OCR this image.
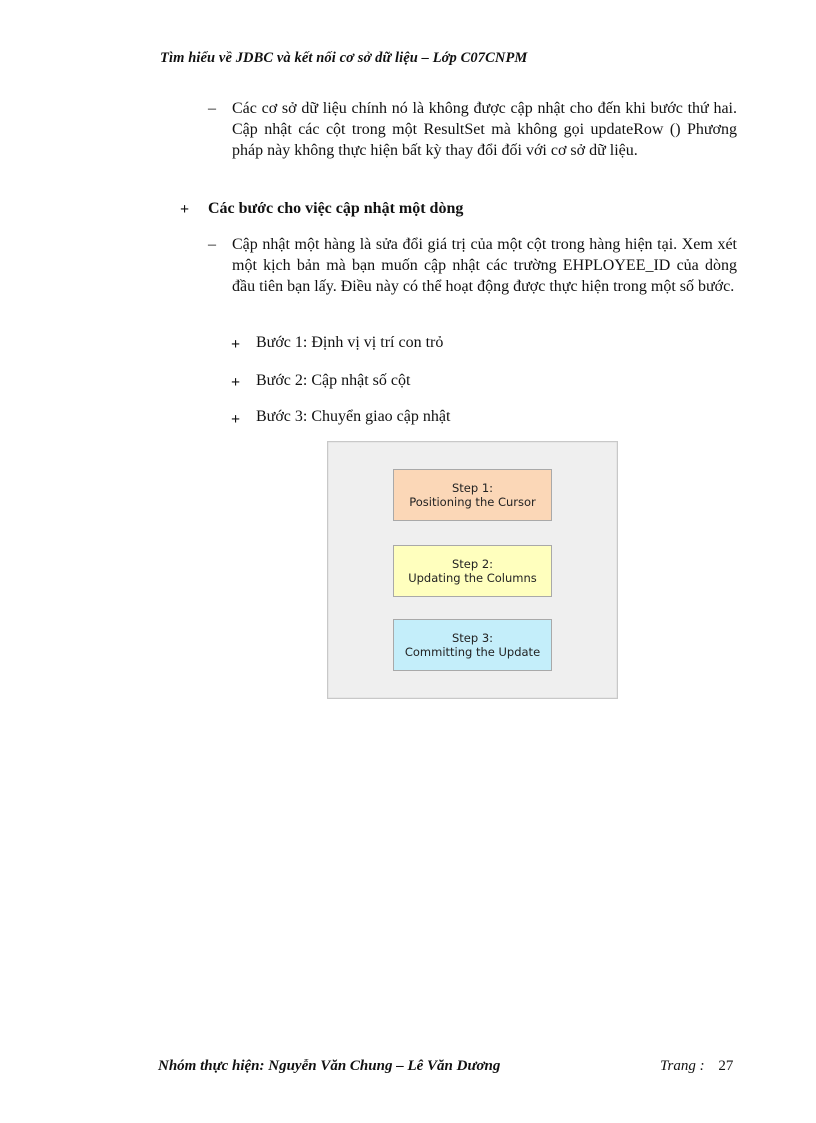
Tìm hiểu về JDBC và kết nối cơ sở dữ liệu – Lớp C07CNPM
– Các cơ sở dữ liệu chính nó là không được cập nhật cho đến khi bước thứ hai. Cập nhật các cột trong một ResultSet mà không gọi updateRow () Phương pháp này không thực hiện bất kỳ thay đổi đối với cơ sở dữ liệu.
+ Các bước cho việc cập nhật một dòng
– Cập nhật một hàng là sửa đổi giá trị của một cột trong hàng hiện tại. Xem xét một kịch bản mà bạn muốn cập nhật các trường EHPLOYEE_ID của dòng đầu tiên bạn lấy. Điều này có thể hoạt động được thực hiện trong một số bước.
+ Bước 1: Định vị vị trí con trỏ
+ Bước 2: Cập nhật số cột
+ Bước 3: Chuyển giao cập nhật
Step 1:
Positioning the Cursor
Step 2:
Updating the Columns
Step 3:
Committing the Update
Nhóm thực hiện: Nguyễn Văn Chung – Lê Văn Dương	Trang : 27
